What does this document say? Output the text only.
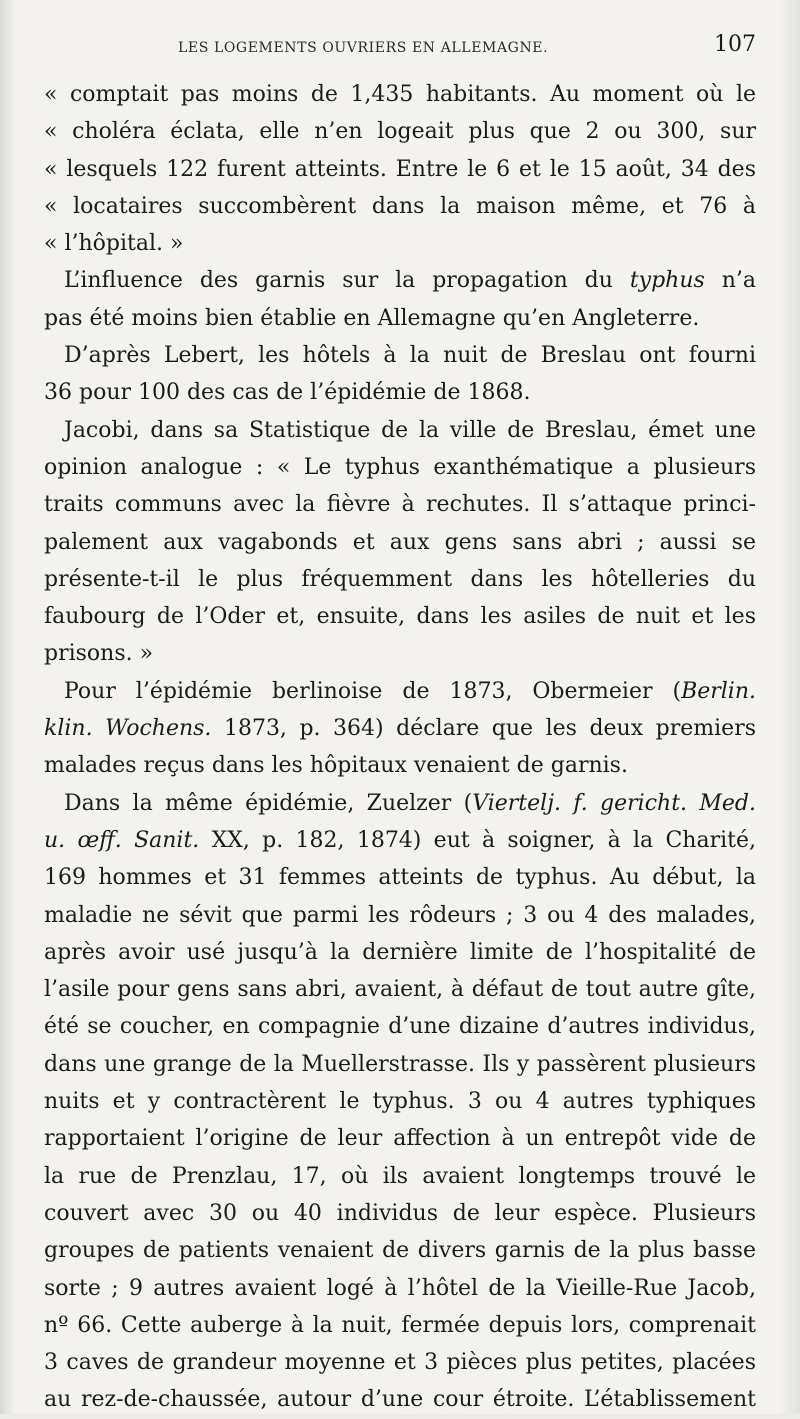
LES LOGEMENTS OUVRIERS EN ALLEMAGNE.	107
« comptait pas moins de 1,435 habitants. Au moment où le
« choléra éclata, elle n’en logeait plus que 2 ou 300, sur
« lesquels 122 furent atteints. Entre le 6 et le 15 août, 34 des
« locataires succombèrent dans la maison même, et 76 à
« l’hôpital. »
L’influence des garnis sur la propagation du typhus n’a
pas été moins bien établie en Allemagne qu’en Angleterre.
D’après Lebert, les hôtels à la nuit de Breslau ont fourni
36 pour 100 des cas de l’épidémie de 1868.
Jacobi, dans sa Statistique de la ville de Breslau, émet une
opinion analogue : « Le typhus exanthématique a plusieurs
traits communs avec la fièvre à rechutes. Il s’attaque princi-
palement aux vagabonds et aux gens sans abri ; aussi se
présente-t-il le plus fréquemment dans les hôtelleries du
faubourg de l’Oder et, ensuite, dans les asiles de nuit et les
prisons. »
Pour l’épidémie berlinoise de 1873, Obermeier (Berlin.
klin. Wochens. 1873, p. 364) déclare que les deux premiers
malades reçus dans les hôpitaux venaient de garnis.
Dans la même épidémie, Zuelzer (Viertelj. f. gericht. Med.
u. œff. Sanit. XX, p. 182, 1874) eut à soigner, à la Charité,
169 hommes et 31 femmes atteints de typhus. Au début, la
maladie ne sévit que parmi les rôdeurs ; 3 ou 4 des malades,
après avoir usé jusqu’à la dernière limite de l’hospitalité de
l’asile pour gens sans abri, avaient, à défaut de tout autre gîte,
été se coucher, en compagnie d’une dizaine d’autres individus,
dans une grange de la Muellerstrasse. Ils y passèrent plusieurs
nuits et y contractèrent le typhus. 3 ou 4 autres typhiques
rapportaient l’origine de leur affection à un entrepôt vide de
la rue de Prenzlau, 17, où ils avaient longtemps trouvé le
couvert avec 30 ou 40 individus de leur espèce. Plusieurs
groupes de patients venaient de divers garnis de la plus basse
sorte ; 9 autres avaient logé à l’hôtel de la Vieille-Rue Jacob,
nº 66. Cette auberge à la nuit, fermée depuis lors, comprenait
3 caves de grandeur moyenne et 3 pièces plus petites, placées
au rez-de-chaussée, autour d’une cour étroite. L’établissement
